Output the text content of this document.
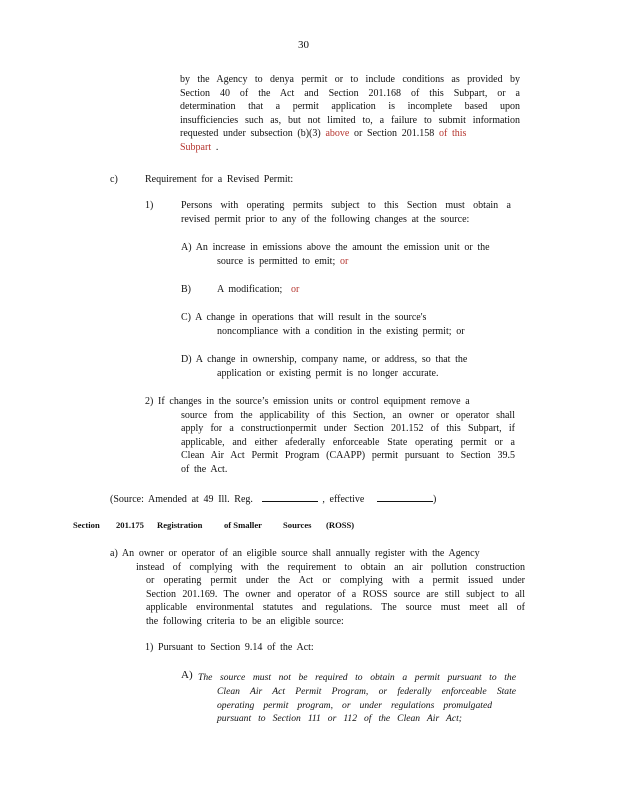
30
by the Agency to denya permit or to include conditions as provided by
Section 40 of the Act and Section 201.168 of this Subpart, or a
determination that a permit application is incomplete based upon
insufficiencies such as, but not limited to, a failure to submit information
requested under subsection (b)(3) above or Section 201.158 of this
Subpart .
c)	Requirement for a Revised Permit:
1)	Persons with operating permits subject to this Section must obtain a
revised permit prior to any of the following changes at the source:
A) An increase in emissions above the amount the emission unit or the
source is permitted to emit; or
B)	A modification; or
C) A change in operations that will result in the source's
noncompliance with a condition in the existing permit; or
D) A change in ownership, company name, or address, so that the
application or existing permit is no longer accurate.
2) If changes in the source’s emission units or control equipment remove a
source from the applicability of this Section, an owner or operator shall
apply for a constructionpermit under Section 201.152 of this Subpart, if
applicable, and either afederally enforceable State operating permit or a
Clean Air Act Permit Program (CAAPP) permit pursuant to Section 39.5
of the Act.
(Source: Amended at 49 Ill. Reg.	, effective	)
Section 201.175 Registration	of Smaller Sources (ROSS)
a) An owner or operator of an eligible source shall annually register with the Agency
instead of complying with the requirement to obtain an air pollution construction
or operating permit under the Act or complying with a permit issued under
Section 201.169. The owner and operator of a ROSS source are still subject to all
applicable environmental statutes and regulations. The source must meet all of
the following criteria to be an eligible source:
1) Pursuant to Section 9.14 of the Act:
A) The source must not be required to obtain a permit pursuant to the
Clean Air Act Permit Program, or federally enforceable State
operating permit program, or under regulations promulgated
pursuant to Section 111 or 112 of the Clean Air Act;
